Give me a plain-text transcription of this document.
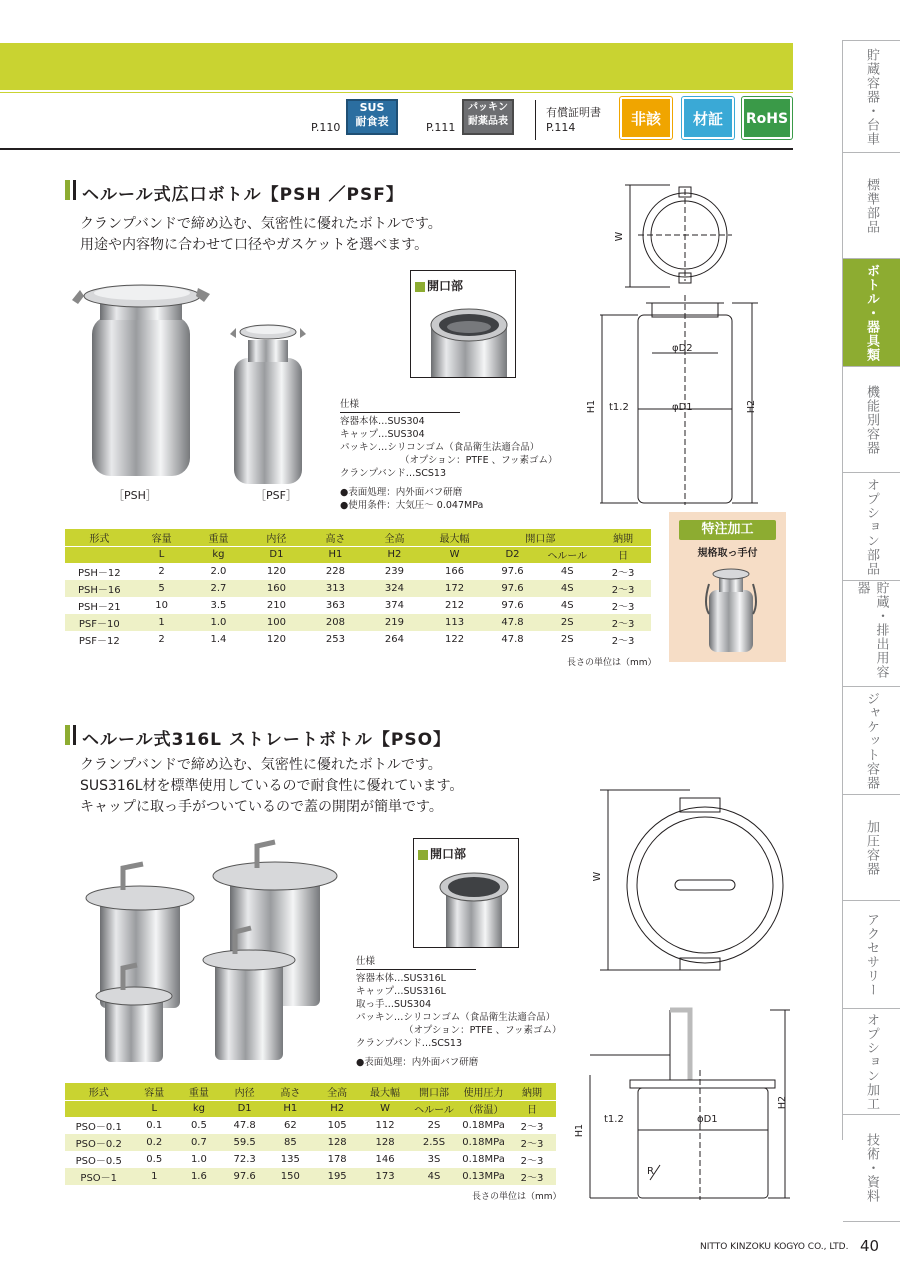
P.110
SUS
耐食表	P.111
パッキン
耐薬品表
有償証明書
P.114	非該	材証	RoHS	貯蔵容器・台車
標準部品
ボトル・器具類
機能別容器
オプション部品
貯蔵・排出用容器
ジャケット容器
加圧容器
アクセサリー
オプション加工
技術・資料
ヘルール式広口ボトル【PSH ／PSF】
クランプバンドで締め込む、気密性に優れたボトルです。
用途や内容物に合わせて口径やガスケットを選べます。
［PSH］	［PSF］
開口部
仕様
容器本体…SUS304
キャップ…SUS304
パッキン…シリコンゴム（食品衛生法適合品）
（オプション：PTFE 、フッ素ゴム）
クランプバンド…SCS13
●表面処理：内外面バフ研磨
●使用条件：大気圧～ 0.047MPa
W
φD2
φD1
t1.2
H1	H2
形式	容量	重量	内径	高さ	全高	最大幅	開口部		納期
	L	kg	D1	H1	H2	W	D2	ヘルール	日
PSH－12	2	2.0	120	228	239	166	97.6	4S	2～3
PSH－16	5	2.7	160	313	324	172	97.6	4S	2～3
PSH－21	10	3.5	210	363	374	212	97.6	4S	2～3
PSF－10	1	1.0	100	208	219	113	47.8	2S	2～3
PSF－12	2	1.4	120	253	264	122	47.8	2S	2～3
長さの単位は（mm）
特注加工
規格取っ手付
ヘルール式316L ストレートボトル【PSO】
クランプバンドで締め込む、気密性に優れたボトルです。
SUS316L材を標準使用しているので耐食性に優れています。
キャップに取っ手がついているので蓋の開閉が簡単です。
開口部
仕様
容器本体…SUS316L
キャップ…SUS316L
取っ手…SUS304
パッキン…シリコンゴム（食品衛生法適合品）
（オプション：PTFE 、フッ素ゴム）
クランプバンド…SCS13
●表面処理：内外面バフ研磨
W
φD1
t1.2
H1
H2
R
形式	容量	重量	内径	高さ	全高	最大幅	開口部	使用圧力	納期
	L	kg	D1	H1	H2	W	ヘルール	（常温）	日
PSO－0.1	0.1	0.5	47.8	62	105	112	2S	0.18MPa	2～3
PSO－0.2	0.2	0.7	59.5	85	128	128	2.5S	0.18MPa	2～3
PSO－0.5	0.5	1.0	72.3	135	178	146	3S	0.18MPa	2～3
PSO－1	1	1.6	97.6	150	195	173	4S	0.13MPa	2～3
長さの単位は（mm）
NITTO KINZOKU KOGYO CO., LTD. 40
